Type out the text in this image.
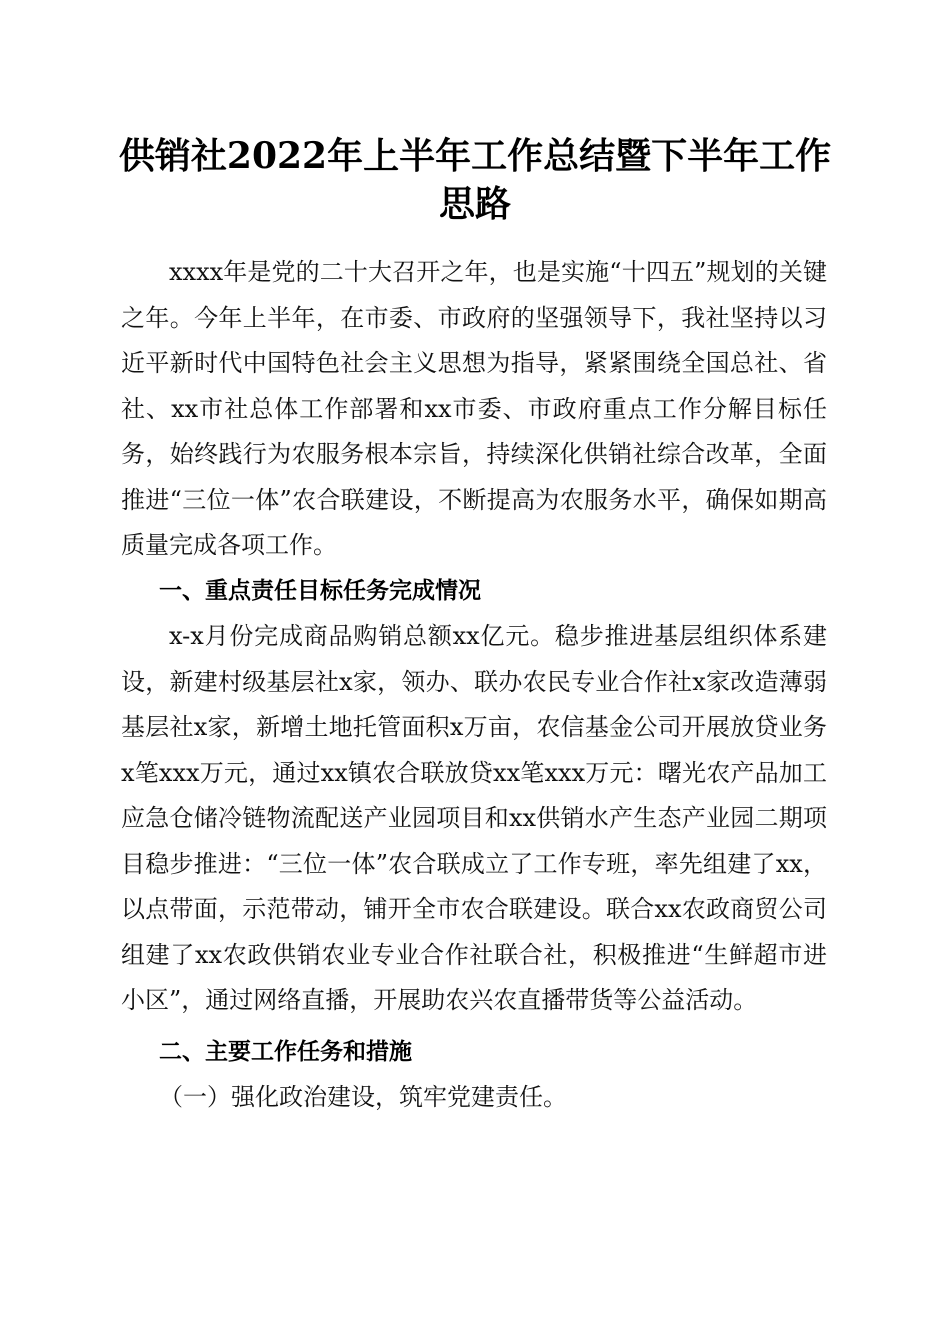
供销社2022年上半年工作总结暨下半年工作思路

xxxx年是党的二十大召开之年，也是实施“十四五”规划的关键之年。今年上半年，在市委、市政府的坚强领导下，我社坚持以习近平新时代中国特色社会主义思想为指导，紧紧围绕全国总社、省社、xx市社总体工作部署和xx市委、市政府重点工作分解目标任务，始终践行为农服务根本宗旨，持续深化供销社综合改革，全面推进“三位一体”农合联建设，不断提高为农服务水平，确保如期高质量完成各项工作。

一、重点责任目标任务完成情况

x-x月份完成商品购销总额xx亿元。稳步推进基层组织体系建设，新建村级基层社x家，领办、联办农民专业合作社x家改造薄弱基层社x家，新增土地托管面积x万亩，农信基金公司开展放贷业务x笔xxx万元，通过xx镇农合联放贷xx笔xxx万元：曙光农产品加工应急仓储冷链物流配送产业园项目和xx供销水产生态产业园二期项目稳步推进：“三位一体”农合联成立了工作专班，率先组建了xx，以点带面，示范带动，铺开全市农合联建设。联合xx农政商贸公司组建了xx农政供销农业专业合作社联合社，积极推进“生鲜超市进小区”，通过网络直播，开展助农兴农直播带货等公益活动。

二、主要工作任务和措施

（一）强化政治建设，筑牢党建责任。
